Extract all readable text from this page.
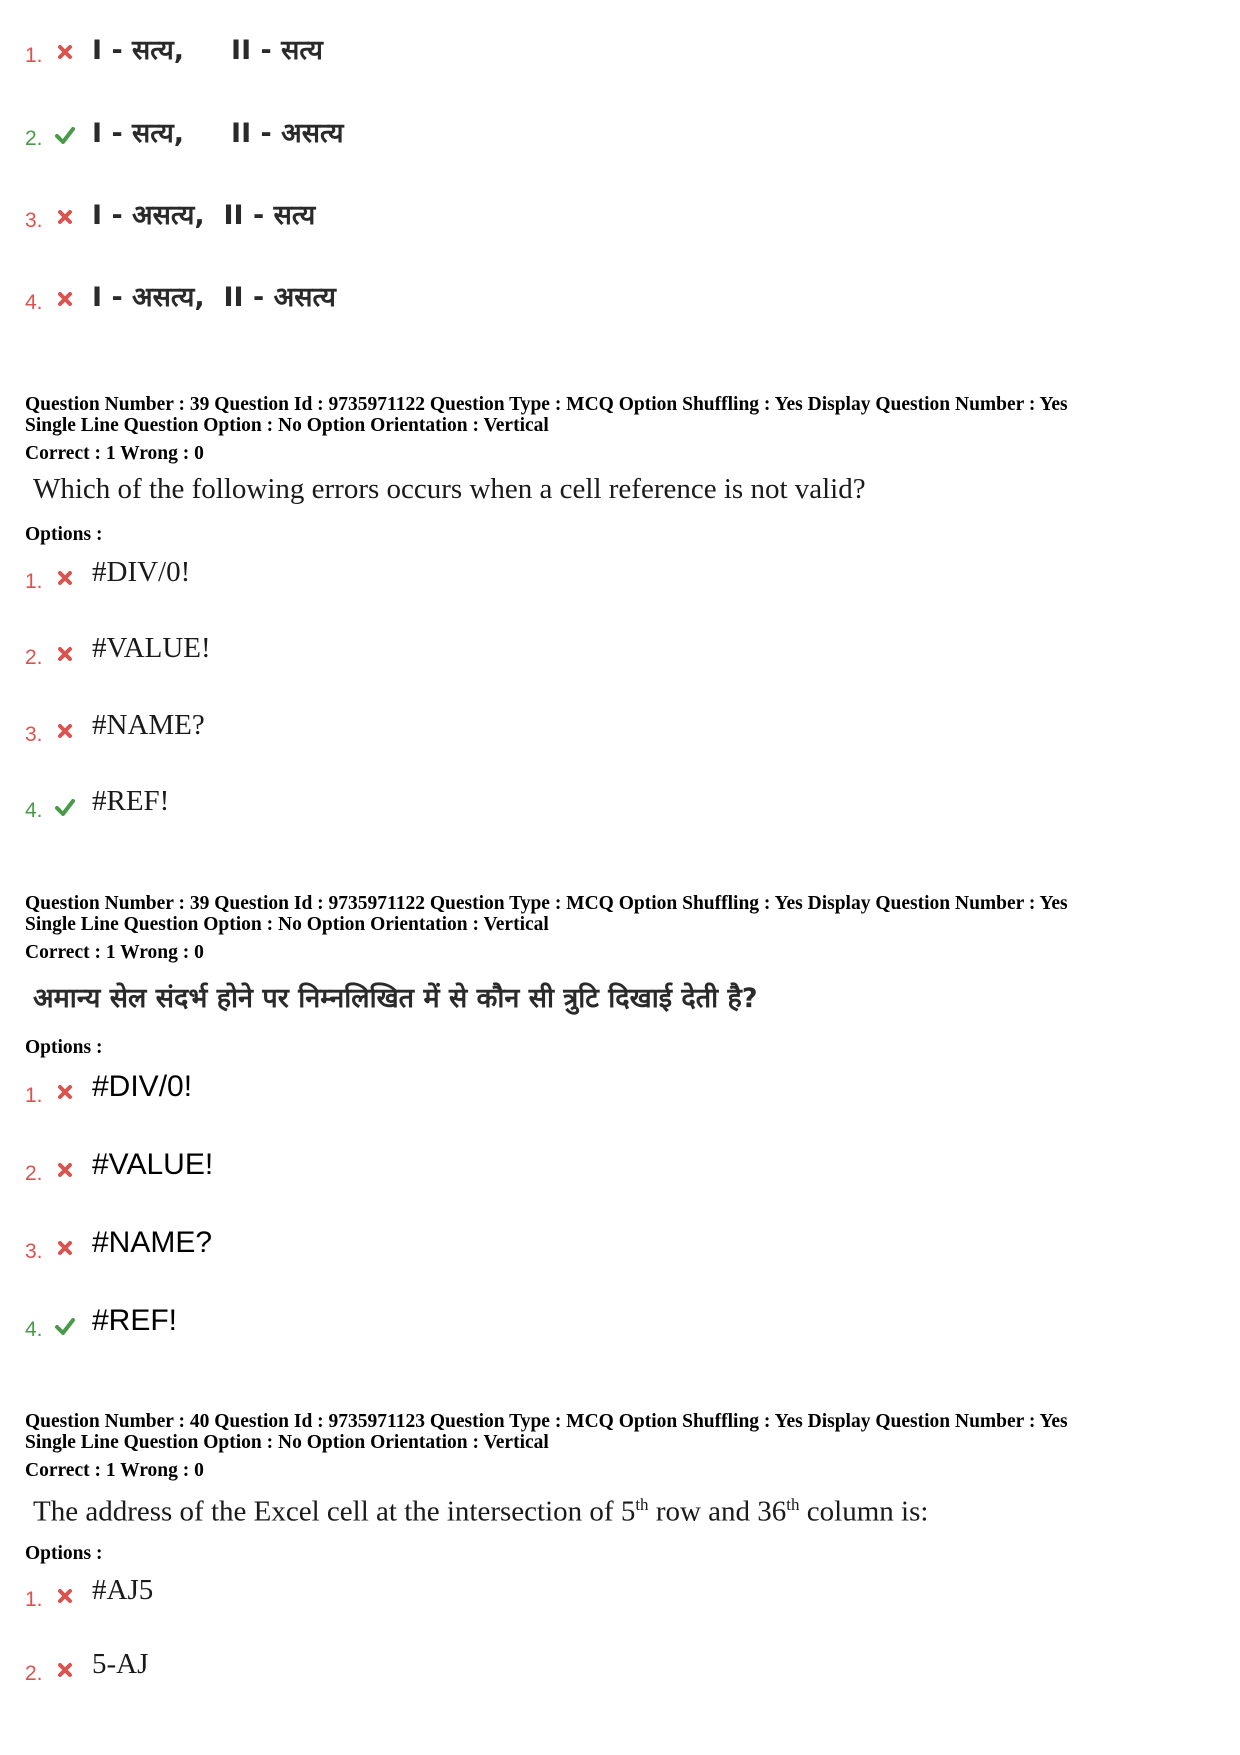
1. I - सत्य,     II - सत्य
2. I - सत्य,     II - असत्य
3. I - असत्य,  II - सत्य
4. I - असत्य,  II - असत्य
Question Number : 39 Question Id : 9735971122 Question Type : MCQ Option Shuffling : Yes Display Question Number : Yes
Single Line Question Option : No Option Orientation : Vertical
Correct : 1 Wrong : 0
Which of the following errors occurs when a cell reference is not valid?
Options :
1. #DIV/0!
2. #VALUE!
3. #NAME?
4. #REF!
Question Number : 39 Question Id : 9735971122 Question Type : MCQ Option Shuffling : Yes Display Question Number : Yes
Single Line Question Option : No Option Orientation : Vertical
Correct : 1 Wrong : 0
अमान्य सेल संदर्भ होने पर निम्नलिखित में से कौन सी त्रुटि दिखाई देती है?
Options :
1. #DIV/0!
2. #VALUE!
3. #NAME?
4. #REF!
Question Number : 40 Question Id : 9735971123 Question Type : MCQ Option Shuffling : Yes Display Question Number : Yes
Single Line Question Option : No Option Orientation : Vertical
Correct : 1 Wrong : 0
The address of the Excel cell at the intersection of 5th row and 36th column is:
Options :
1. #AJ5
2. 5-AJ
